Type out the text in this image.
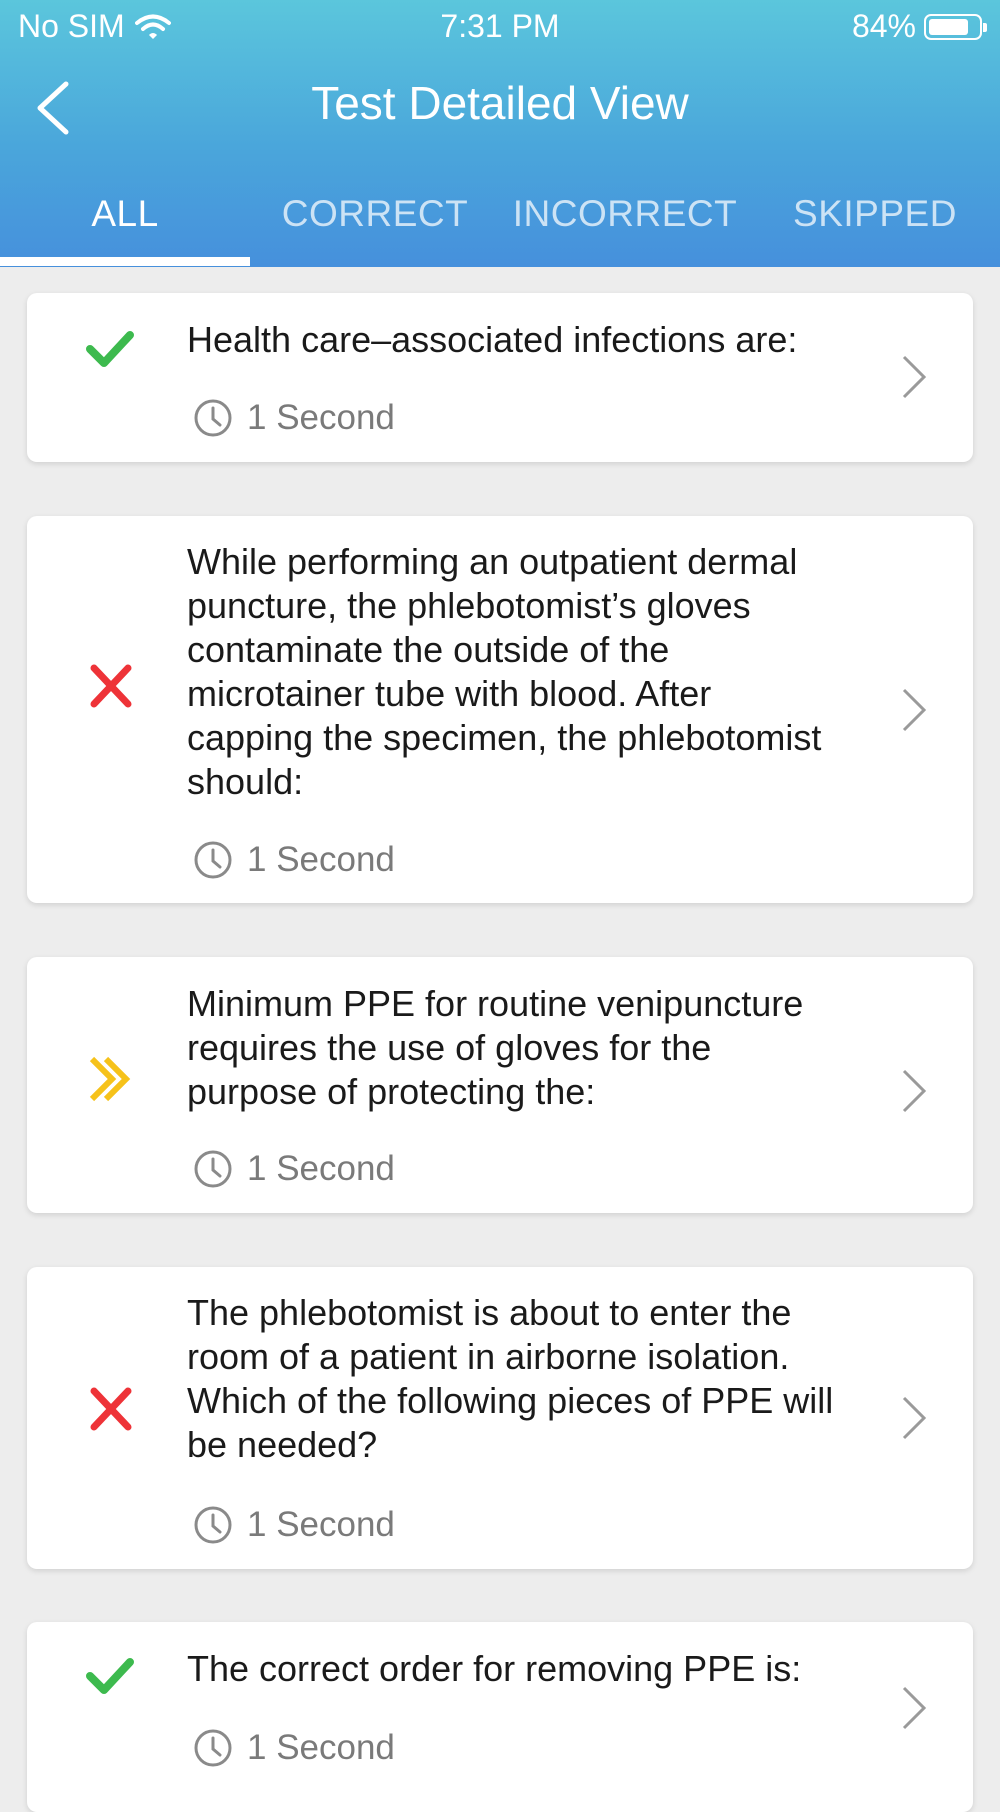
No SIM	7:31 PM	84%
Test Detailed View
ALL	CORRECT	INCORRECT	SKIPPED
Health care–associated infections are:
1 Second
While performing an outpatient dermal puncture, the phlebotomist’s gloves contaminate the outside of the microtainer tube with blood. After capping the specimen, the phlebotomist should:
1 Second
Minimum PPE for routine venipuncture requires the use of gloves for the purpose of protecting the:
1 Second
The phlebotomist is about to enter the room of a patient in airborne isolation. Which of the following pieces of PPE will be needed?
1 Second
The correct order for removing PPE is:
1 Second
